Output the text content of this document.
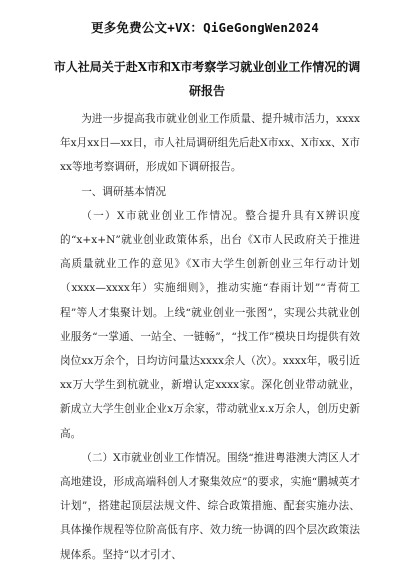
更多免费公文+VX：QiGeGongWen2024
市人社局关于赴X市和X市考察学习就业创业工作情况的调研报告

为进一步提高我市就业创业工作质量、提升城市活力，xxxx年x月xx日—xx日，市人社局调研组先后赴X市xx、X市xx、X市xx等地考察调研，形成如下调研报告。

一、调研基本情况

（一）X市就业创业工作情况。整合提升具有X辨识度的“x+x+N”就业创业政策体系，出台《X市人民政府关于推进高质量就业工作的意见》《X市大学生创新创业三年行动计划（xxxx—xxxx年）实施细则》，推动实施“春雨计划”“青荷工程”等人才集聚计划。上线“就业创业一张图”，实现公共就业创业服务“一掌通、一站全、一链畅”，“找工作”模块日均提供有效岗位xx万余个，日均访问量达xxxx余人（次）。xxxx年，吸引近xx万大学生到杭就业，新增认定xxxx家。深化创业带动就业，新成立大学生创业企业x万余家，带动就业x.x万余人，创历史新高。

（二）X市就业创业工作情况。围绕“推进粤港澳大湾区人才高地建设，形成高端科创人才聚集效应”的要求，实施“鹏城英才计划”，搭建起顶层法规文件、综合政策措施、配套实施办法、具体操作规程等位阶高低有序、效力统一协调的四个层次政策法规体系。坚持“以才引才、
